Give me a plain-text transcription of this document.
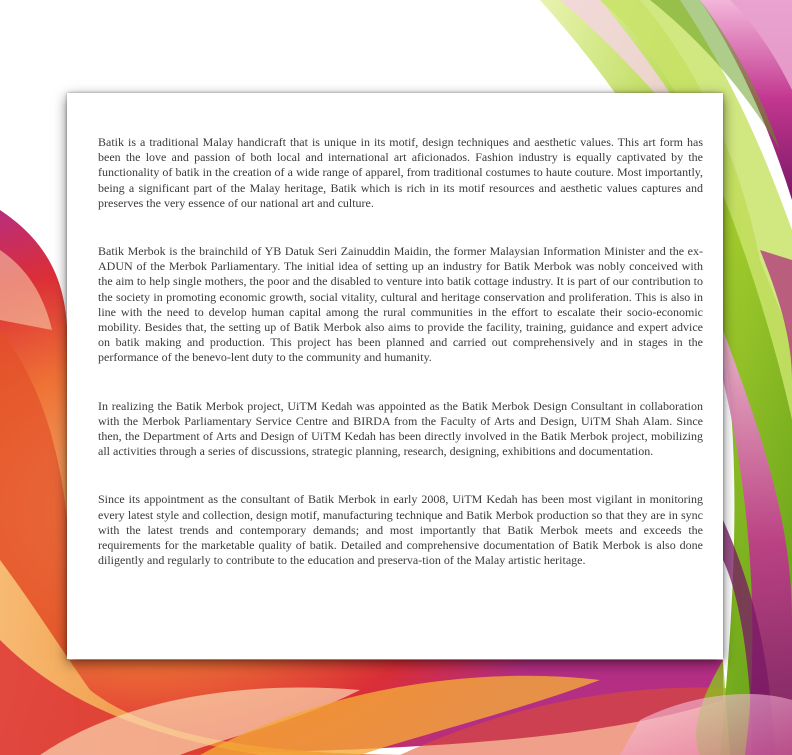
Batik is a traditional Malay handicraft that is unique in its motif, design techniques and aesthetic values. This art form has been the love and passion of both local and international art aficionados. Fashion industry is equally captivated by the functionality of batik in the creation of a wide range of apparel, from traditional costumes to haute couture. Most importantly, being a significant part of the Malay heritage, Batik which is rich in its motif resources and aesthetic values captures and preserves the very essence of our national art and culture.

Batik Merbok is the brainchild of YB Datuk Seri Zainuddin Maidin, the former Malaysian Information Minister and the ex-ADUN of the Merbok Parliamentary. The initial idea of setting up an industry for Batik Merbok was nobly conceived with the aim to help single mothers, the poor and the disabled to venture into batik cottage industry. It is part of our contribution to the society in promoting economic growth, social vitality, cultural and heritage conservation and proliferation. This is also in line with the need to develop human capital among the rural communities in the effort to escalate their socio-economic mobility. Besides that, the setting up of Batik Merbok also aims to provide the facility, training, guidance and expert advice on batik making and production. This project has been planned and carried out comprehensively and in stages in the performance of the benevo-lent duty to the community and humanity.

In realizing the Batik Merbok project, UiTM Kedah was appointed as the Batik Merbok Design Consultant in collaboration with the Merbok Parliamentary Service Centre and BIRDA from the Faculty of Arts and Design, UiTM Shah Alam. Since then, the Department of Arts and Design of UiTM Kedah has been directly involved in the Batik Merbok project, mobilizing all activities through a series of discussions, strategic planning, research, designing, exhibitions and documentation.

Since its appointment as the consultant of Batik Merbok in early 2008, UiTM Kedah has been most vigilant in monitoring every latest style and collection, design motif, manufacturing technique and Batik Merbok production so that they are in sync with the latest trends and contemporary demands; and most importantly that Batik Merbok meets and exceeds the requirements for the marketable quality of batik. Detailed and comprehensive documentation of Batik Merbok is also done diligently and regularly to contribute to the education and preserva-tion of the Malay artistic heritage.
